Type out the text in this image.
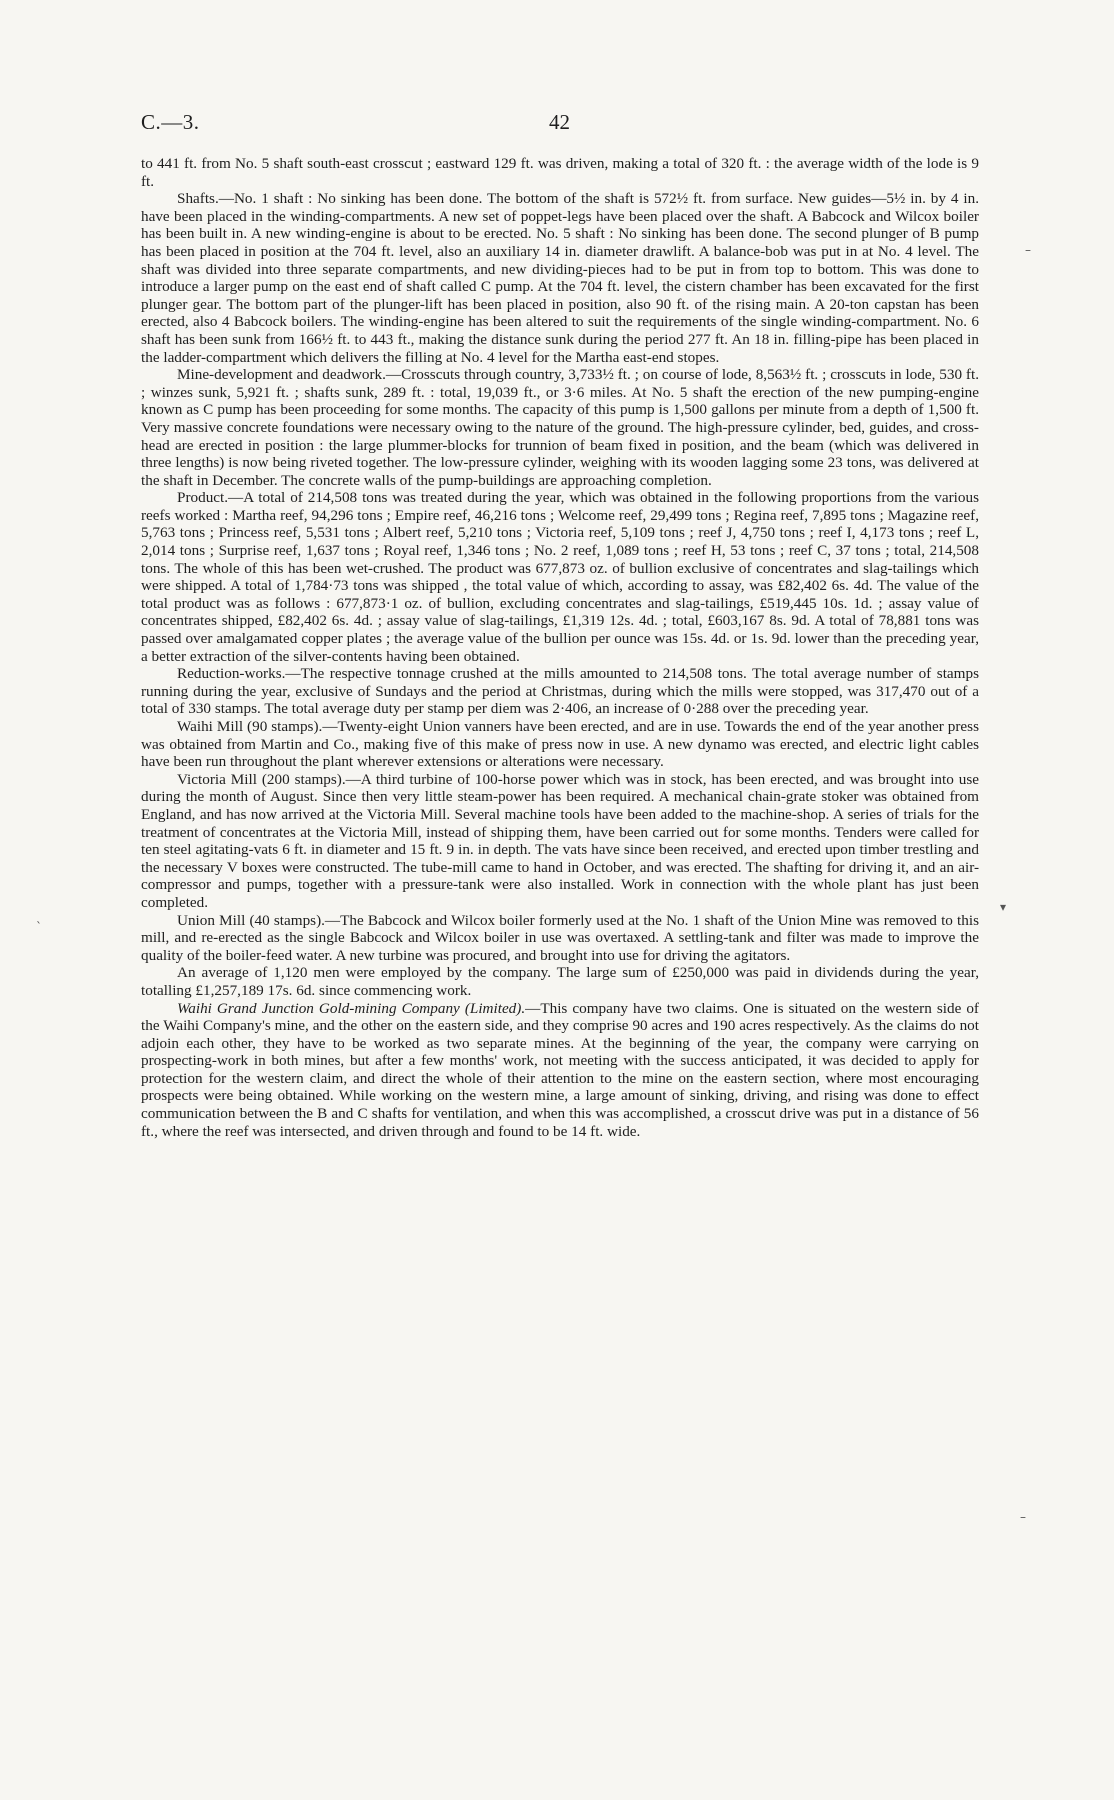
C.—3.	42

to 441 ft. from No. 5 shaft south-east crosscut ; eastward 129 ft. was driven, making a total of 320 ft. : the average width of the lode is 9 ft.

Shafts.—No. 1 shaft : No sinking has been done. The bottom of the shaft is 572½ ft. from surface. New guides—5½ in. by 4 in. have been placed in the winding-compartments. A new set of poppet-legs have been placed over the shaft. A Babcock and Wilcox boiler has been built in. A new winding-engine is about to be erected. No. 5 shaft : No sinking has been done. The second plunger of B pump has been placed in position at the 704 ft. level, also an auxiliary 14 in. diameter drawlift. A balance-bob was put in at No. 4 level. The shaft was divided into three separate compartments, and new dividing-pieces had to be put in from top to bottom. This was done to introduce a larger pump on the east end of shaft called C pump. At the 704 ft. level, the cistern chamber has been excavated for the first plunger gear. The bottom part of the plunger-lift has been placed in position, also 90 ft. of the rising main. A 20-ton capstan has been erected, also 4 Babcock boilers. The winding-engine has been altered to suit the requirements of the single winding-compartment. No. 6 shaft has been sunk from 166½ ft. to 443 ft., making the distance sunk during the period 277 ft. An 18 in. filling-pipe has been placed in the ladder-compartment which delivers the filling at No. 4 level for the Martha east-end stopes.

Mine-development and deadwork.—Crosscuts through country, 3,733½ ft. ; on course of lode, 8,563½ ft. ; crosscuts in lode, 530 ft. ; winzes sunk, 5,921 ft. ; shafts sunk, 289 ft. : total, 19,039 ft., or 3·6 miles. At No. 5 shaft the erection of the new pumping-engine known as C pump has been proceeding for some months. The capacity of this pump is 1,500 gallons per minute from a depth of 1,500 ft. Very massive concrete foundations were necessary owing to the nature of the ground. The high-pressure cylinder, bed, guides, and cross-head are erected in position : the large plummer-blocks for trunnion of beam fixed in position, and the beam (which was delivered in three lengths) is now being riveted together. The low-pressure cylinder, weighing with its wooden lagging some 23 tons, was delivered at the shaft in December. The concrete walls of the pump-buildings are approaching completion.

Product.—A total of 214,508 tons was treated during the year, which was obtained in the following proportions from the various reefs worked : Martha reef, 94,296 tons ; Empire reef, 46,216 tons ; Welcome reef, 29,499 tons ; Regina reef, 7,895 tons ; Magazine reef, 5,763 tons ; Princess reef, 5,531 tons ; Albert reef, 5,210 tons ; Victoria reef, 5,109 tons ; reef J, 4,750 tons ; reef I, 4,173 tons ; reef L, 2,014 tons ; Surprise reef, 1,637 tons ; Royal reef, 1,346 tons ; No. 2 reef, 1,089 tons ; reef H, 53 tons ; reef C, 37 tons ; total, 214,508 tons. The whole of this has been wet-crushed. The product was 677,873 oz. of bullion exclusive of concentrates and slag-tailings which were shipped. A total of 1,784·73 tons was shipped , the total value of which, according to assay, was £82,402 6s. 4d. The value of the total product was as follows : 677,873·1 oz. of bullion, excluding concentrates and slag-tailings, £519,445 10s. 1d. ; assay value of concentrates shipped, £82,402 6s. 4d. ; assay value of slag-tailings, £1,319 12s. 4d. ; total, £603,167 8s. 9d. A total of 78,881 tons was passed over amalgamated copper plates ; the average value of the bullion per ounce was 15s. 4d. or 1s. 9d. lower than the preceding year, a better extraction of the silver-contents having been obtained.

Reduction-works.—The respective tonnage crushed at the mills amounted to 214,508 tons. The total average number of stamps running during the year, exclusive of Sundays and the period at Christmas, during which the mills were stopped, was 317,470 out of a total of 330 stamps. The total average duty per stamp per diem was 2·406, an increase of 0·288 over the preceding year.

Waihi Mill (90 stamps).—Twenty-eight Union vanners have been erected, and are in use. Towards the end of the year another press was obtained from Martin and Co., making five of this make of press now in use. A new dynamo was erected, and electric light cables have been run throughout the plant wherever extensions or alterations were necessary.

Victoria Mill (200 stamps).—A third turbine of 100-horse power which was in stock, has been erected, and was brought into use during the month of August. Since then very little steam-power has been required. A mechanical chain-grate stoker was obtained from England, and has now arrived at the Victoria Mill. Several machine tools have been added to the machine-shop. A series of trials for the treatment of concentrates at the Victoria Mill, instead of shipping them, have been carried out for some months. Tenders were called for ten steel agitating-vats 6 ft. in diameter and 15 ft. 9 in. in depth. The vats have since been received, and erected upon timber trestling and the necessary V boxes were constructed. The tube-mill came to hand in October, and was erected. The shafting for driving it, and an air-compressor and pumps, together with a pressure-tank were also installed. Work in connection with the whole plant has just been completed.

Union Mill (40 stamps).—The Babcock and Wilcox boiler formerly used at the No. 1 shaft of the Union Mine was removed to this mill, and re-erected as the single Babcock and Wilcox boiler in use was overtaxed. A settling-tank and filter was made to improve the quality of the boiler-feed water. A new turbine was procured, and brought into use for driving the agitators.

An average of 1,120 men were employed by the company. The large sum of £250,000 was paid in dividends during the year, totalling £1,257,189 17s. 6d. since commencing work.

Waihi Grand Junction Gold-mining Company (Limited).—This company have two claims. One is situated on the western side of the Waihi Company's mine, and the other on the eastern side, and they comprise 90 acres and 190 acres respectively. As the claims do not adjoin each other, they have to be worked as two separate mines. At the beginning of the year, the company were carrying on prospecting-work in both mines, but after a few months' work, not meeting with the success anticipated, it was decided to apply for protection for the western claim, and direct the whole of their attention to the mine on the eastern section, where most encouraging prospects were being obtained. While working on the western mine, a large amount of sinking, driving, and rising was done to effect communication between the B and C shafts for ventilation, and when this was accomplished, a crosscut drive was put in a distance of 56 ft., where the reef was intersected, and driven through and found to be 14 ft. wide.

–
▾
ˋ
–
